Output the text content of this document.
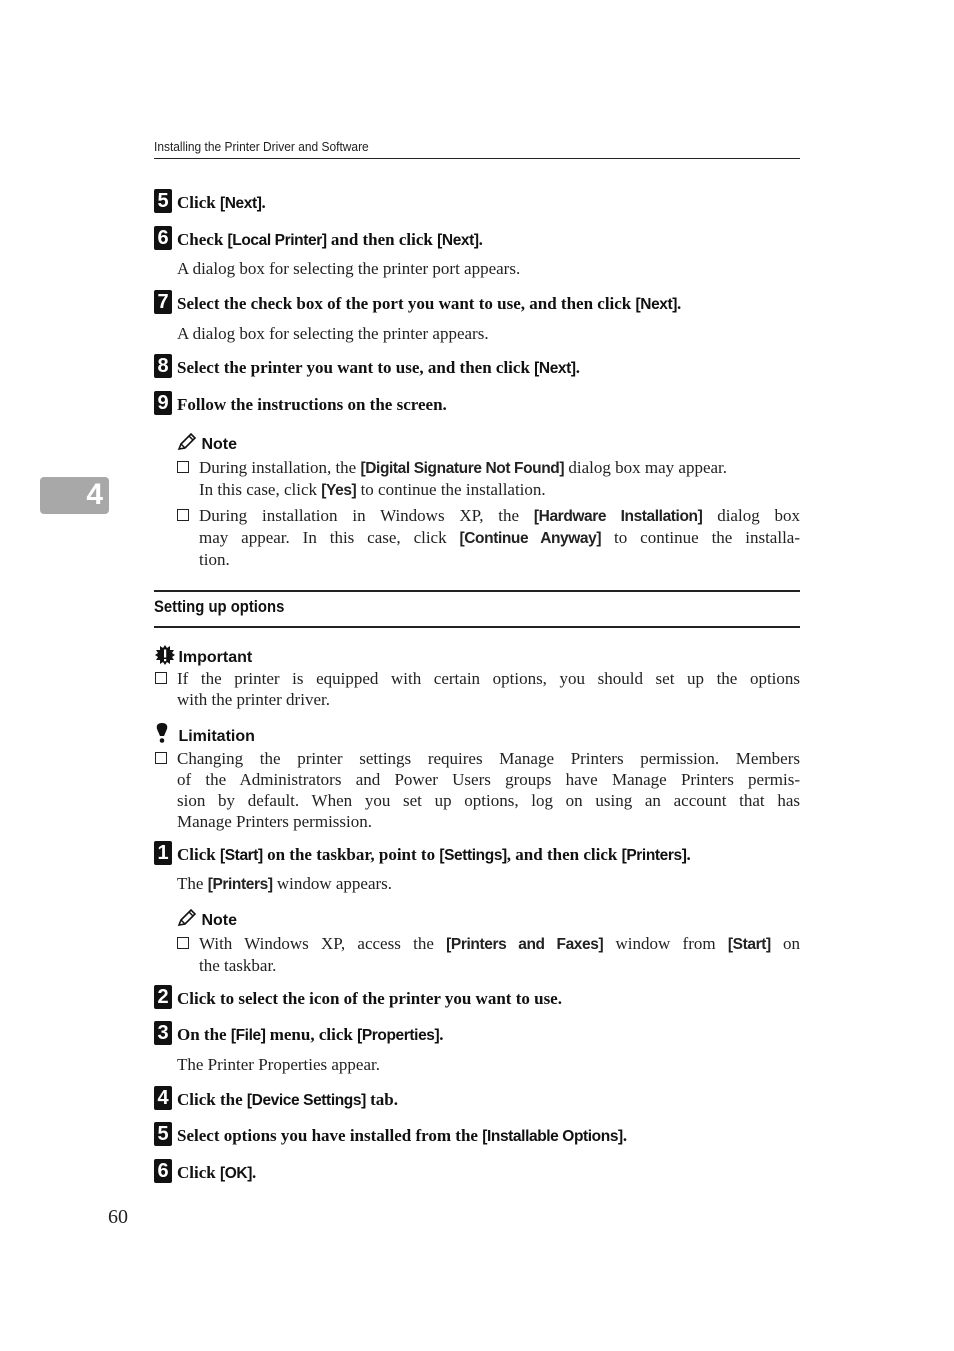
Installing the Printer Driver and Software
4
5 Click [Next].
6 Check [Local Printer] and then click [Next].
A dialog box for selecting the printer port appears.
7 Select the check box of the port you want to use, and then click [Next].
A dialog box for selecting the printer appears.
8 Select the printer you want to use, and then click [Next].
9 Follow the instructions on the screen.
Note
During installation, the [Digital Signature Not Found] dialog box may appear.
In this case, click [Yes] to continue the installation.
During installation in Windows XP, the [Hardware Installation] dialog box
may appear. In this case, click [Continue Anyway] to continue the installa-
tion.
Setting up options
Important
If the printer is equipped with certain options, you should set up the options
with the printer driver.
Limitation
Changing the printer settings requires Manage Printers permission. Members
of the Administrators and Power Users groups have Manage Printers permis-
sion by default. When you set up options, log on using an account that has
Manage Printers permission.
1 Click [Start] on the taskbar, point to [Settings], and then click [Printers].
The [Printers] window appears.
Note
With Windows XP, access the [Printers and Faxes] window from [Start] on
the taskbar.
2 Click to select the icon of the printer you want to use.
3 On the [File] menu, click [Properties].
The Printer Properties appear.
4 Click the [Device Settings] tab.
5 Select options you have installed from the [Installable Options].
6 Click [OK].
60
